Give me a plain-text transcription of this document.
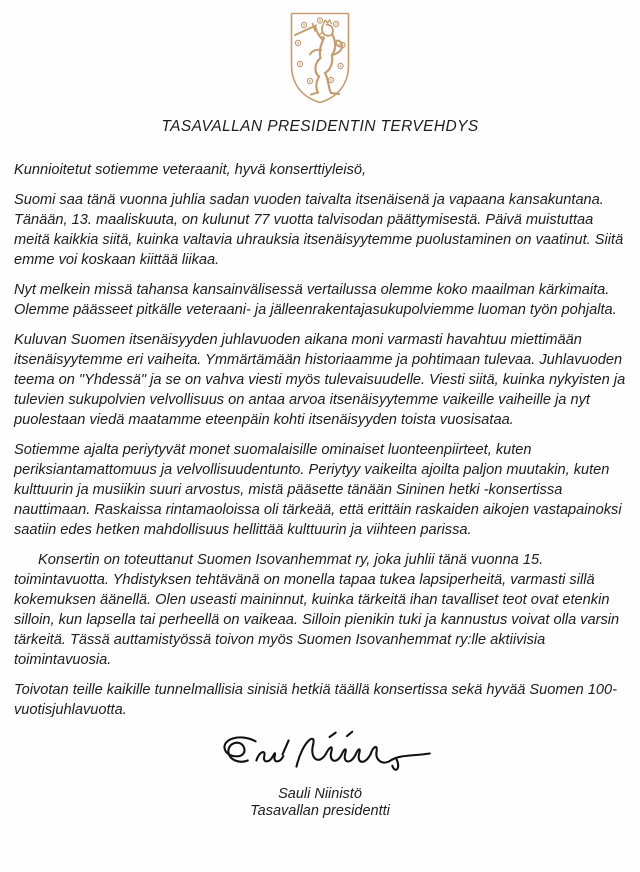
TASAVALLAN PRESIDENTIN TERVEHDYS

Kunnioitetut sotiemme veteraanit, hyvä konserttiyleisö,

Suomi saa tänä vuonna juhlia sadan vuoden taivalta itsenäisenä ja vapaana kansakuntana. Tänään, 13. maaliskuuta, on kulunut 77 vuotta talvisodan päättymisestä. Päivä muistuttaa meitä kaikkia siitä, kuinka valtavia uhrauksia itsenäisyytemme puolustaminen on vaatinut. Siitä emme voi koskaan kiittää liikaa.

Nyt melkein missä tahansa kansainvälisessä vertailussa olemme koko maailman kärkimaita. Olemme päässeet pitkälle veteraani- ja jälleenrakentajasukupolviemme luoman työn pohjalta.

Kuluvan Suomen itsenäisyyden juhlavuoden aikana moni varmasti havahtuu miettimään itsenäisyytemme eri vaiheita. Ymmärtämään historiaamme ja pohtimaan tulevaa. Juhlavuoden teema on "Yhdessä" ja se on vahva viesti myös tulevaisuudelle. Viesti siitä, kuinka nykyisten ja tulevien sukupolvien velvollisuus on antaa arvoa itsenäisyytemme vaikeille vaiheille ja nyt puolestaan viedä maatamme eteenpäin kohti itsenäisyyden toista vuosisataa.

Sotiemme ajalta periytyvät monet suomalaisille ominaiset luonteenpiirteet, kuten periksiantamattomuus ja velvollisuudentunto. Periytyy vaikeilta ajoilta paljon muutakin, kuten kulttuurin ja musiikin suuri arvostus, mistä pääsette tänään Sininen hetki -konsertissa nauttimaan. Raskaissa rintamaoloissa oli tärkeää, että erittäin raskaiden aikojen vastapainoksi saatiin edes hetken mahdollisuus hellittää kulttuurin ja viihteen parissa.

Konsertin on toteuttanut Suomen Isovanhemmat ry, joka juhlii tänä vuonna 15. toimintavuotta. Yhdistyksen tehtävänä on monella tapaa tukea lapsiperheitä, varmasti sillä kokemuksen äänellä. Olen useasti maininnut, kuinka tärkeitä ihan tavalliset teot ovat etenkin silloin, kun lapsella tai perheellä on vaikeaa. Silloin pienikin tuki ja kannustus voivat olla varsin tärkeitä. Tässä auttamistyössä toivon myös Suomen Isovanhemmat ry:lle aktiivisia toimintavuosia.

Toivotan teille kaikille tunnelmallisia sinisiä hetkiä täällä konsertissa sekä hyvää Suomen 100-vuotisjuhlavuotta.

Sauli Niinistö
Tasavallan presidentti
